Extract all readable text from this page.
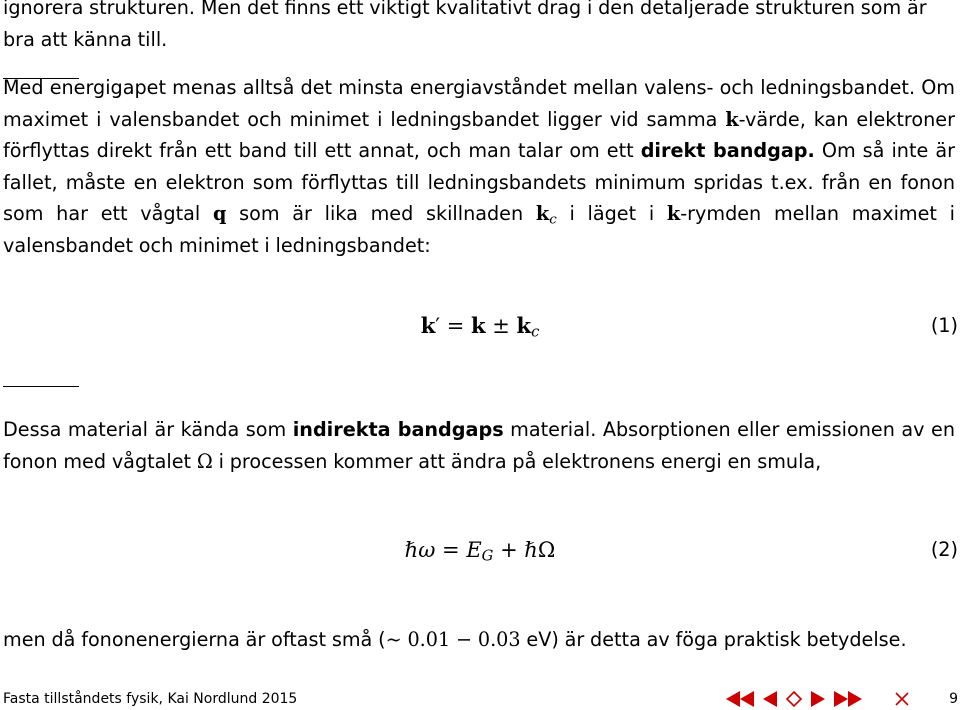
ignorera strukturen. Men det finns ett viktigt kvalitativt drag i den detaljerade strukturen som är
bra att känna till.
Med energigapet menas alltså det minsta energiavståndet mellan valens- och ledningsbandet. Om maximet i valensbandet och minimet i ledningsbandet ligger vid samma k-värde, kan elektroner förflyttas direkt från ett band till ett annat, och man talar om ett direkt bandgap. Om så inte är fallet, måste en elektron som förflyttas till ledningsbandets minimum spridas t.ex. från en fonon som har ett vågtal q som är lika med skillnaden $k_c$ i läget i k-rymden mellan maximet i valensbandet och minimet i ledningsbandet:
$k' = k \pm k_c$	(1)
Dessa material är kända som indirekta bandgaps material. Absorptionen eller emissionen av en fonon med vågtalet Ω i processen kommer att ändra på elektronens energi en smula,
ℏω = $E_G$ + ℏΩ	(2)
men då fononenergierna är oftast små (∼ 0.01 − 0.03 eV) är detta av föga praktisk betydelse.
Fasta tillståndets fysik, Kai Nordlund 2015	9
